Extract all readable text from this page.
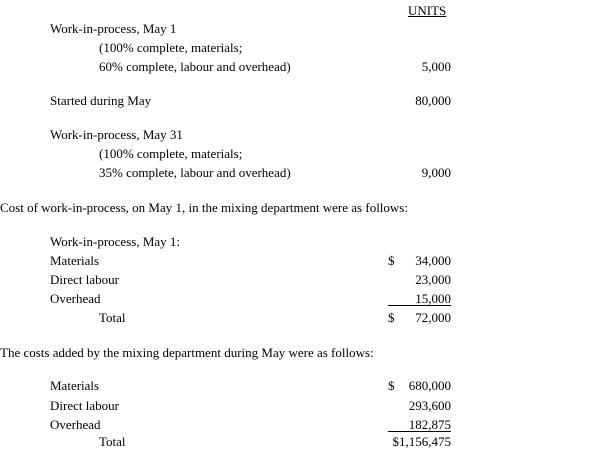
UNITS
Work-in-process, May 1
(100% complete, materials;
60% complete, labour and overhead)	5,000
Started during May	80,000
Work-in-process, May 31
(100% complete, materials;
35% complete, labour and overhead)	9,000
Cost of work-in-process, on May 1, in the mixing department were as follows:
Work-in-process, May 1:
Materials	$ 34,000
Direct labour	23,000
Overhead	15,000
Total	$ 72,000
The costs added by the mixing department during May were as follows:
Materials	$ 680,000
Direct labour	293,600
Overhead	182,875
Total	$1,156,475
